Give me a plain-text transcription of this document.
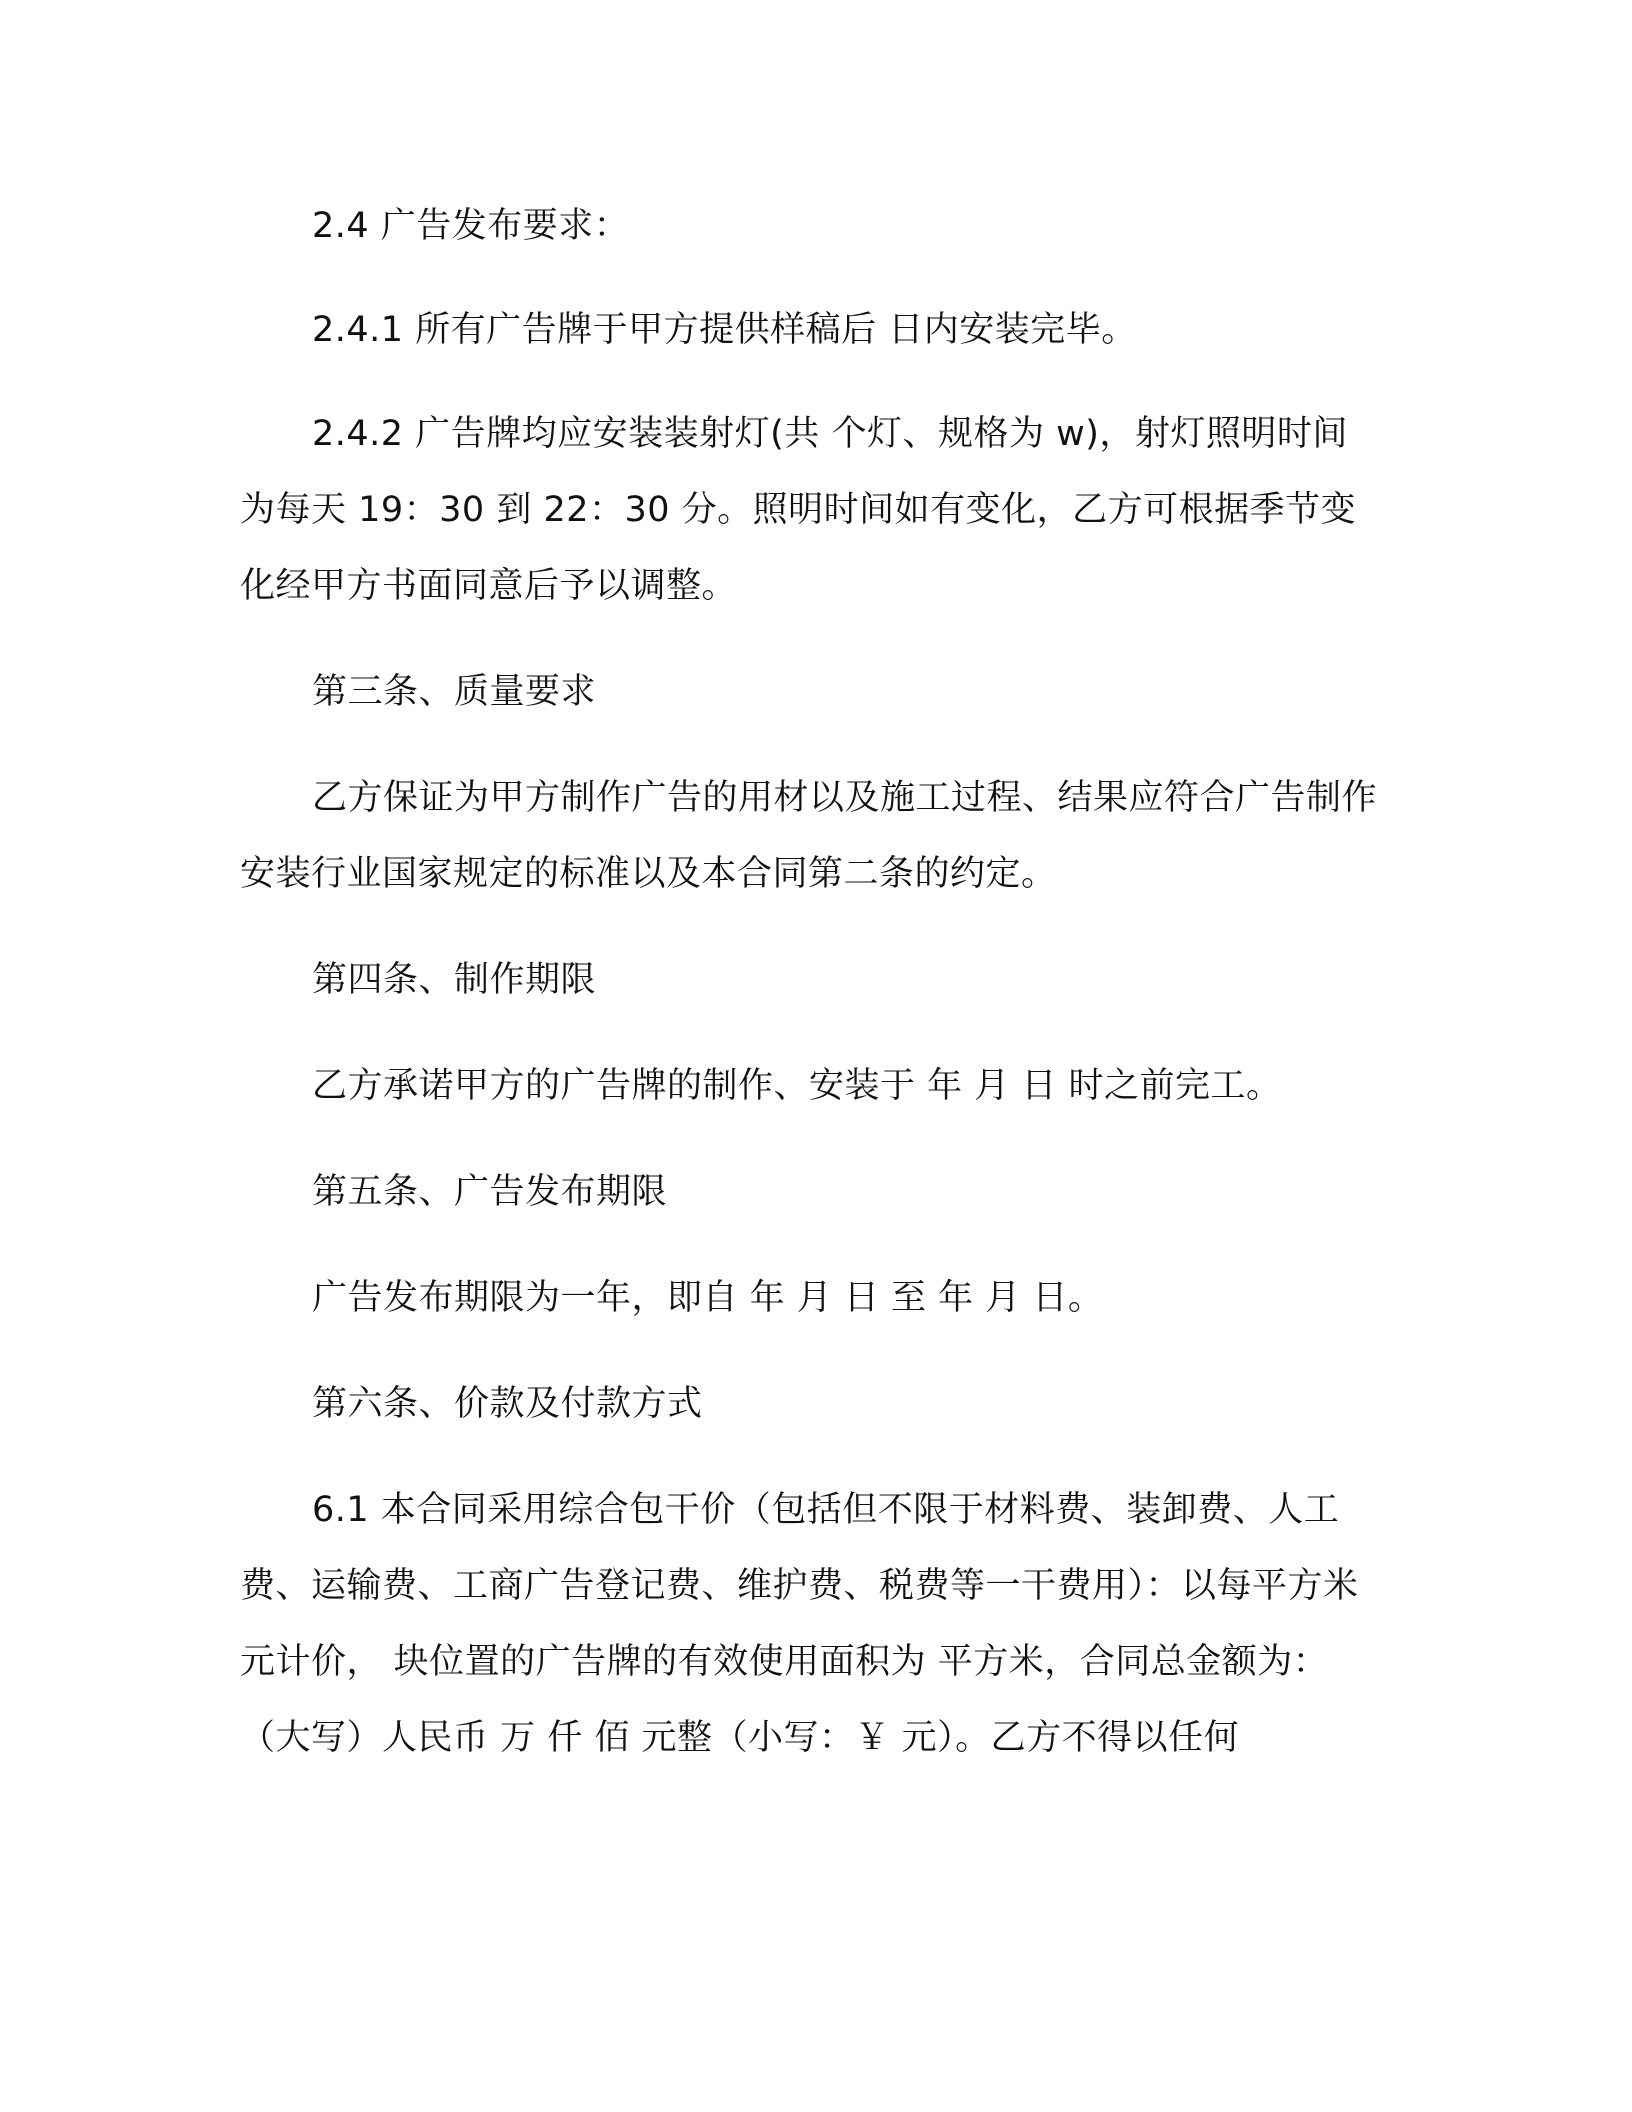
2.4 广告发布要求：

2.4.1 所有广告牌于甲方提供样稿后 日内安装完毕。

2.4.2 广告牌均应安装装射灯(共 个灯、规格为 w)，射灯照明时间为每天 19：30 到 22：30 分。照明时间如有变化，乙方可根据季节变化经甲方书面同意后予以调整。

第三条、质量要求

乙方保证为甲方制作广告的用材以及施工过程、结果应符合广告制作安装行业国家规定的标准以及本合同第二条的约定。

第四条、制作期限

乙方承诺甲方的广告牌的制作、安装于 年 月 日 时之前完工。

第五条、广告发布期限

广告发布期限为一年，即自 年 月 日 至 年 月 日。

第六条、价款及付款方式

6.1 本合同采用综合包干价（包括但不限于材料费、装卸费、人工费、运输费、工商广告登记费、维护费、税费等一干费用）：以每平方米 元计价， 块位置的广告牌的有效使用面积为 平方米，合同总金额为：（大写）人民币 万 仟 佰 元整（小写：￥ 元）。乙方不得以任何
